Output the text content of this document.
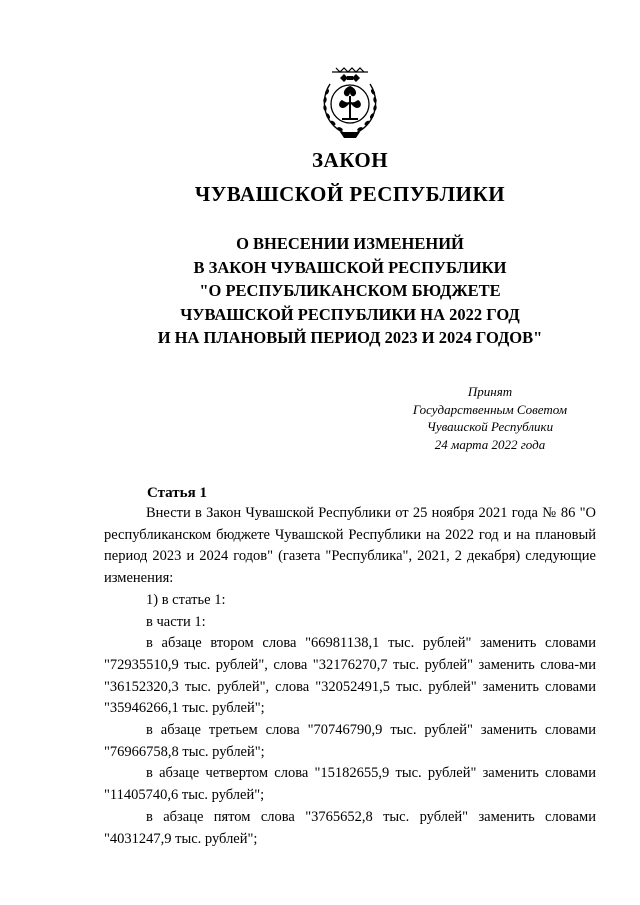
ЗАКОН
ЧУВАШСКОЙ РЕСПУБЛИКИ
О ВНЕСЕНИИ ИЗМЕНЕНИЙ
В ЗАКОН ЧУВАШСКОЙ РЕСПУБЛИКИ
"О РЕСПУБЛИКАНСКОМ БЮДЖЕТЕ
ЧУВАШСКОЙ РЕСПУБЛИКИ НА 2022 ГОД
И НА ПЛАНОВЫЙ ПЕРИОД 2023 И 2024 ГОДОВ"
Принят
Государственным Советом
Чувашской Республики
24 марта 2022 года
Статья 1

Внести в Закон Чувашской Республики от 25 ноября 2021 года № 86 "О республиканском бюджете Чувашской Республики на 2022 год и на плановый период 2023 и 2024 годов" (газета "Республика", 2021, 2 декабря) следующие изменения:

1) в статье 1:

в части 1:

в абзаце втором слова "66981138,1 тыс. рублей" заменить словами "72935510,9 тыс. рублей", слова "32176270,7 тыс. рублей" заменить слова-ми "36152320,3 тыс. рублей", слова "32052491,5 тыс. рублей" заменить словами "35946266,1 тыс. рублей";

в абзаце третьем слова "70746790,9 тыс. рублей" заменить словами "76966758,8 тыс. рублей";

в абзаце четвертом слова "15182655,9 тыс. рублей" заменить словами "11405740,6 тыс. рублей";

в абзаце пятом слова "3765652,8 тыс. рублей" заменить словами "4031247,9 тыс. рублей";
